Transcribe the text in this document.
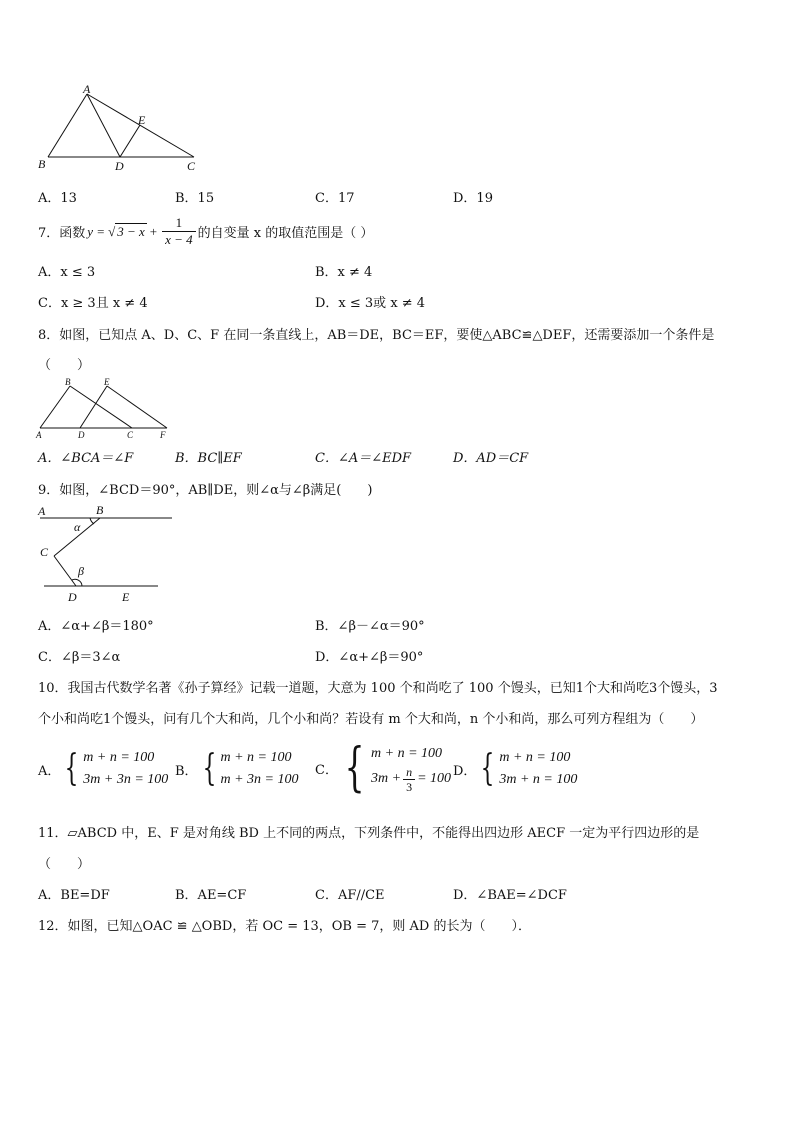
A
B	C
D
E
A．13	B．15	C．17	D．19
7．函数 y = √ $3 - x + \frac{1}{x - 4}$ 的自变量 x 的取值范围是（ ）
A．x ≤ 3	B．x ≠ 4
C．x ≥ 3且 x ≠ 4	D．x ≤ 3或 x ≠ 4
8．如图，已知点 A、D、C、F 在同一条直线上，AB＝DE，BC＝EF，要使△ABC≌△DEF，还需要添加一个条件是
（　　）
B	E
A	D	C	F
A．∠BCA＝∠F	B．BC∥EF	C．∠A＝∠EDF	D．AD＝CF
9．如图，∠BCD＝90°，AB∥DE，则∠α与∠β满足(　　)
A	B
α
C
β
D	E
A．∠α+∠β＝180°	B．∠β－∠α＝90°
C．∠β＝3∠α	D．∠α+∠β＝90°
10．我国古代数学名著《孙子算经》记载一道题，大意为 100 个和尚吃了 100 个馒头，已知1个大和尚吃3个馒头，3
个小和尚吃1个馒头，问有几个大和尚，几个小和尚？若设有 m 个大和尚，n 个小和尚，那么可列方程组为（　　）
A． { m + n = 100
3m + 3n = 100
B． { m + n = 100
m + 3n = 100
C． { m + n = 100
$3m + \frac{n}{3} = 100$ D． { m + n = 100
3m + n = 100
11．▱ABCD 中，E、F 是对角线 BD 上不同的两点，下列条件中，不能得出四边形 AECF 一定为平行四边形的是
（　　）
A．BE=DF	B．AE=CF	C．AF//CE	D．∠BAE=∠DCF
12．如图，已知△OAC ≌ △OBD，若 OC = 13，OB = 7，则 AD 的长为（　　）．
